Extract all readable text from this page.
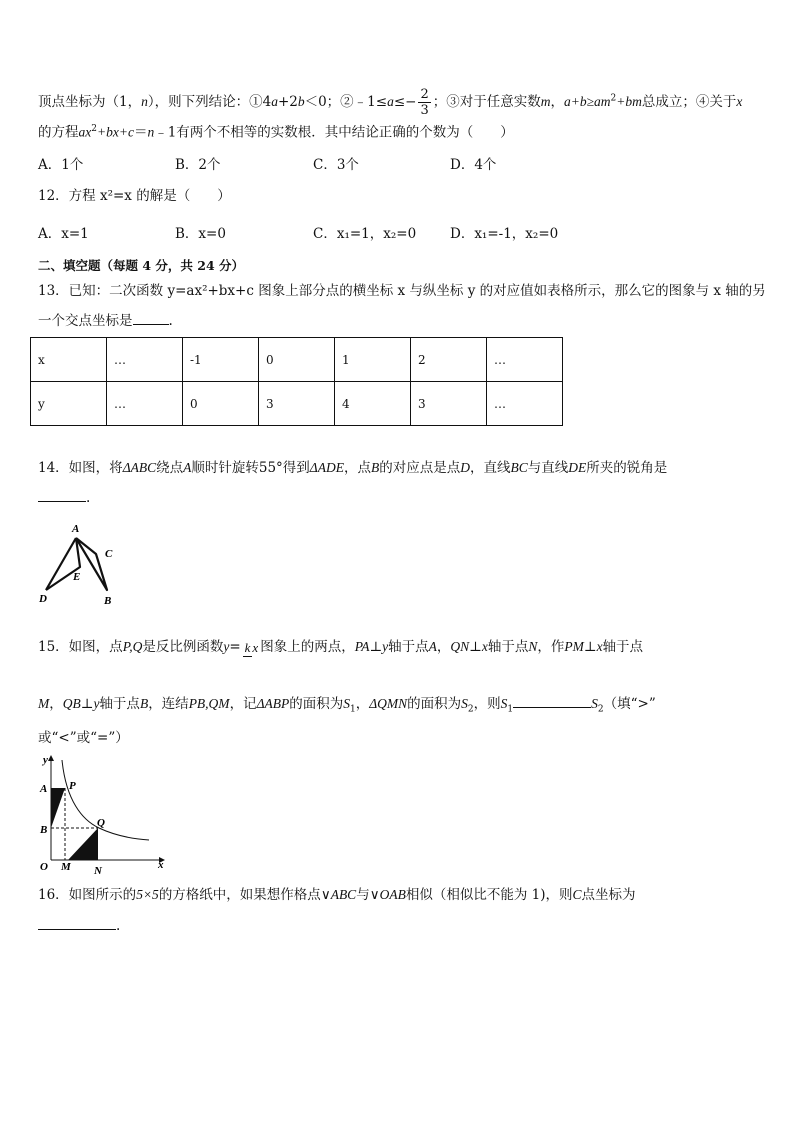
顶点坐标为（1，n），则下列结论：①4a+2b＜0；②﹣1≤a≤− $\frac{2}{3}$ ；③对于任意实数m，$a+b\ge am^2+bm$总成立；④关于x
的方程$ax^2+bx+c=n﹣1$有两个不相等的实数根．其中结论正确的个数为（　　）
A．1个	B．2个	C．3个	D．4个
12．方程 x²=x 的解是（　　）
A．x=1	B．x=0	C．x₁=1，x₂=0	D．x₁=-1，x₂=0
二、填空题（每题 4 分，共 24 分）
13．已知：二次函数 y=ax²+bx+c 图象上部分点的横坐标 x 与纵坐标 y 的对应值如表格所示，那么它的图象与 x 轴的另
一个交点坐标是	.
x	…	-1	0	1	2	…
y	…	0	3	4	3	…
14．如图，将ΔABC绕点A顺时针旋转55°得到ΔADE，点B的对应点是点D，直线BC与直线DE所夹的锐角是
.
A
C
E
D	B
15．如图，点P,Q是反比例函数y= k x 图象上的两点，PA⊥y轴于点A，QN⊥x轴于点N，作PM⊥x轴于点
M，QB⊥y轴于点B，连结PB,QM，记ΔABP的面积为$S_1$，ΔQMN的面积为$S_2$，则$S_1$	$S_2$（填“>”
或“<”或“=”）
y
x
A P
B
Q
O M N
16．如图所示的5×5的方格纸中，如果想作格点∨ABC与∨OAB相似（相似比不能为 1)，则C点坐标为
.
